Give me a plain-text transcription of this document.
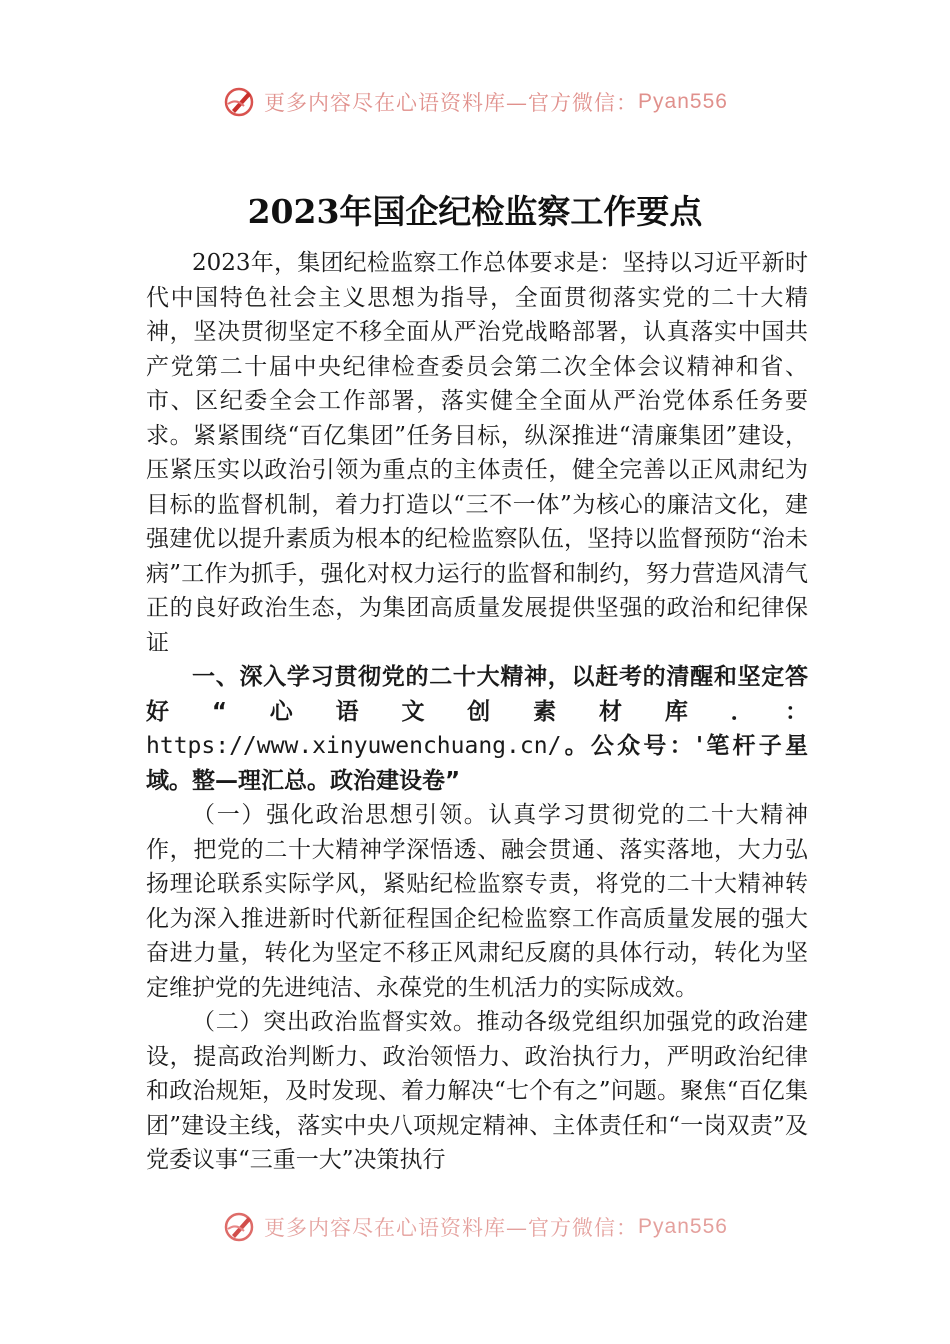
更多内容尽在心语资料库—官方微信： Pyan556
2023年国企纪检监察工作要点

2023年，集团纪检监察工作总体要求是：坚持以习近平新时代中国特色社会主义思想为指导，全面贯彻落实党的二十大精神，坚决贯彻坚定不移全面从严治党战略部署，认真落实中国共产党第二十届中央纪律检查委员会第二次全体会议精神和省、市、区纪委全会工作部署，落实健全全面从严治党体系任务要求。紧紧围绕“百亿集团”任务目标，纵深推进“清廉集团”建设，压紧压实以政治引领为重点的主体责任，健全完善以正风肃纪为目标的监督机制，着力打造以“三不一体”为核心的廉洁文化，建强建优以提升素质为根本的纪检监察队伍，坚持以监督预防“治未病”工作为抓手，强化对权力运行的监督和制约，努力营造风清气正的良好政治生态，为集团高质量发展提供坚强的政治和纪律保证

一、深入学习贯彻党的二十大精神，以赶考的清醒和坚定答好“心语文创素材库．：https://www.xinyuwenchuang.cn/。公众号：'笔杆子星域。整—理汇总。政治建设卷”

（一）强化政治思想引领。认真学习贯彻党的二十大精神作，把党的二十大精神学深悟透、融会贯通、落实落地，大力弘扬理论联系实际学风，紧贴纪检监察专责，将党的二十大精神转化为深入推进新时代新征程国企纪检监察工作高质量发展的强大奋进力量，转化为坚定不移正风肃纪反腐的具体行动，转化为坚定维护党的先进纯洁、永葆党的生机活力的实际成效。

（二）突出政治监督实效。推动各级党组织加强党的政治建设，提高政治判断力、政治领悟力、政治执行力，严明政治纪律和政治规矩，及时发现、着力解决“七个有之”问题。聚焦“百亿集团”建设主线，落实中央八项规定精神、主体责任和“一岗双责”及党委议事“三重一大”决策执行

更多内容尽在心语资料库—官方微信： Pyan556
